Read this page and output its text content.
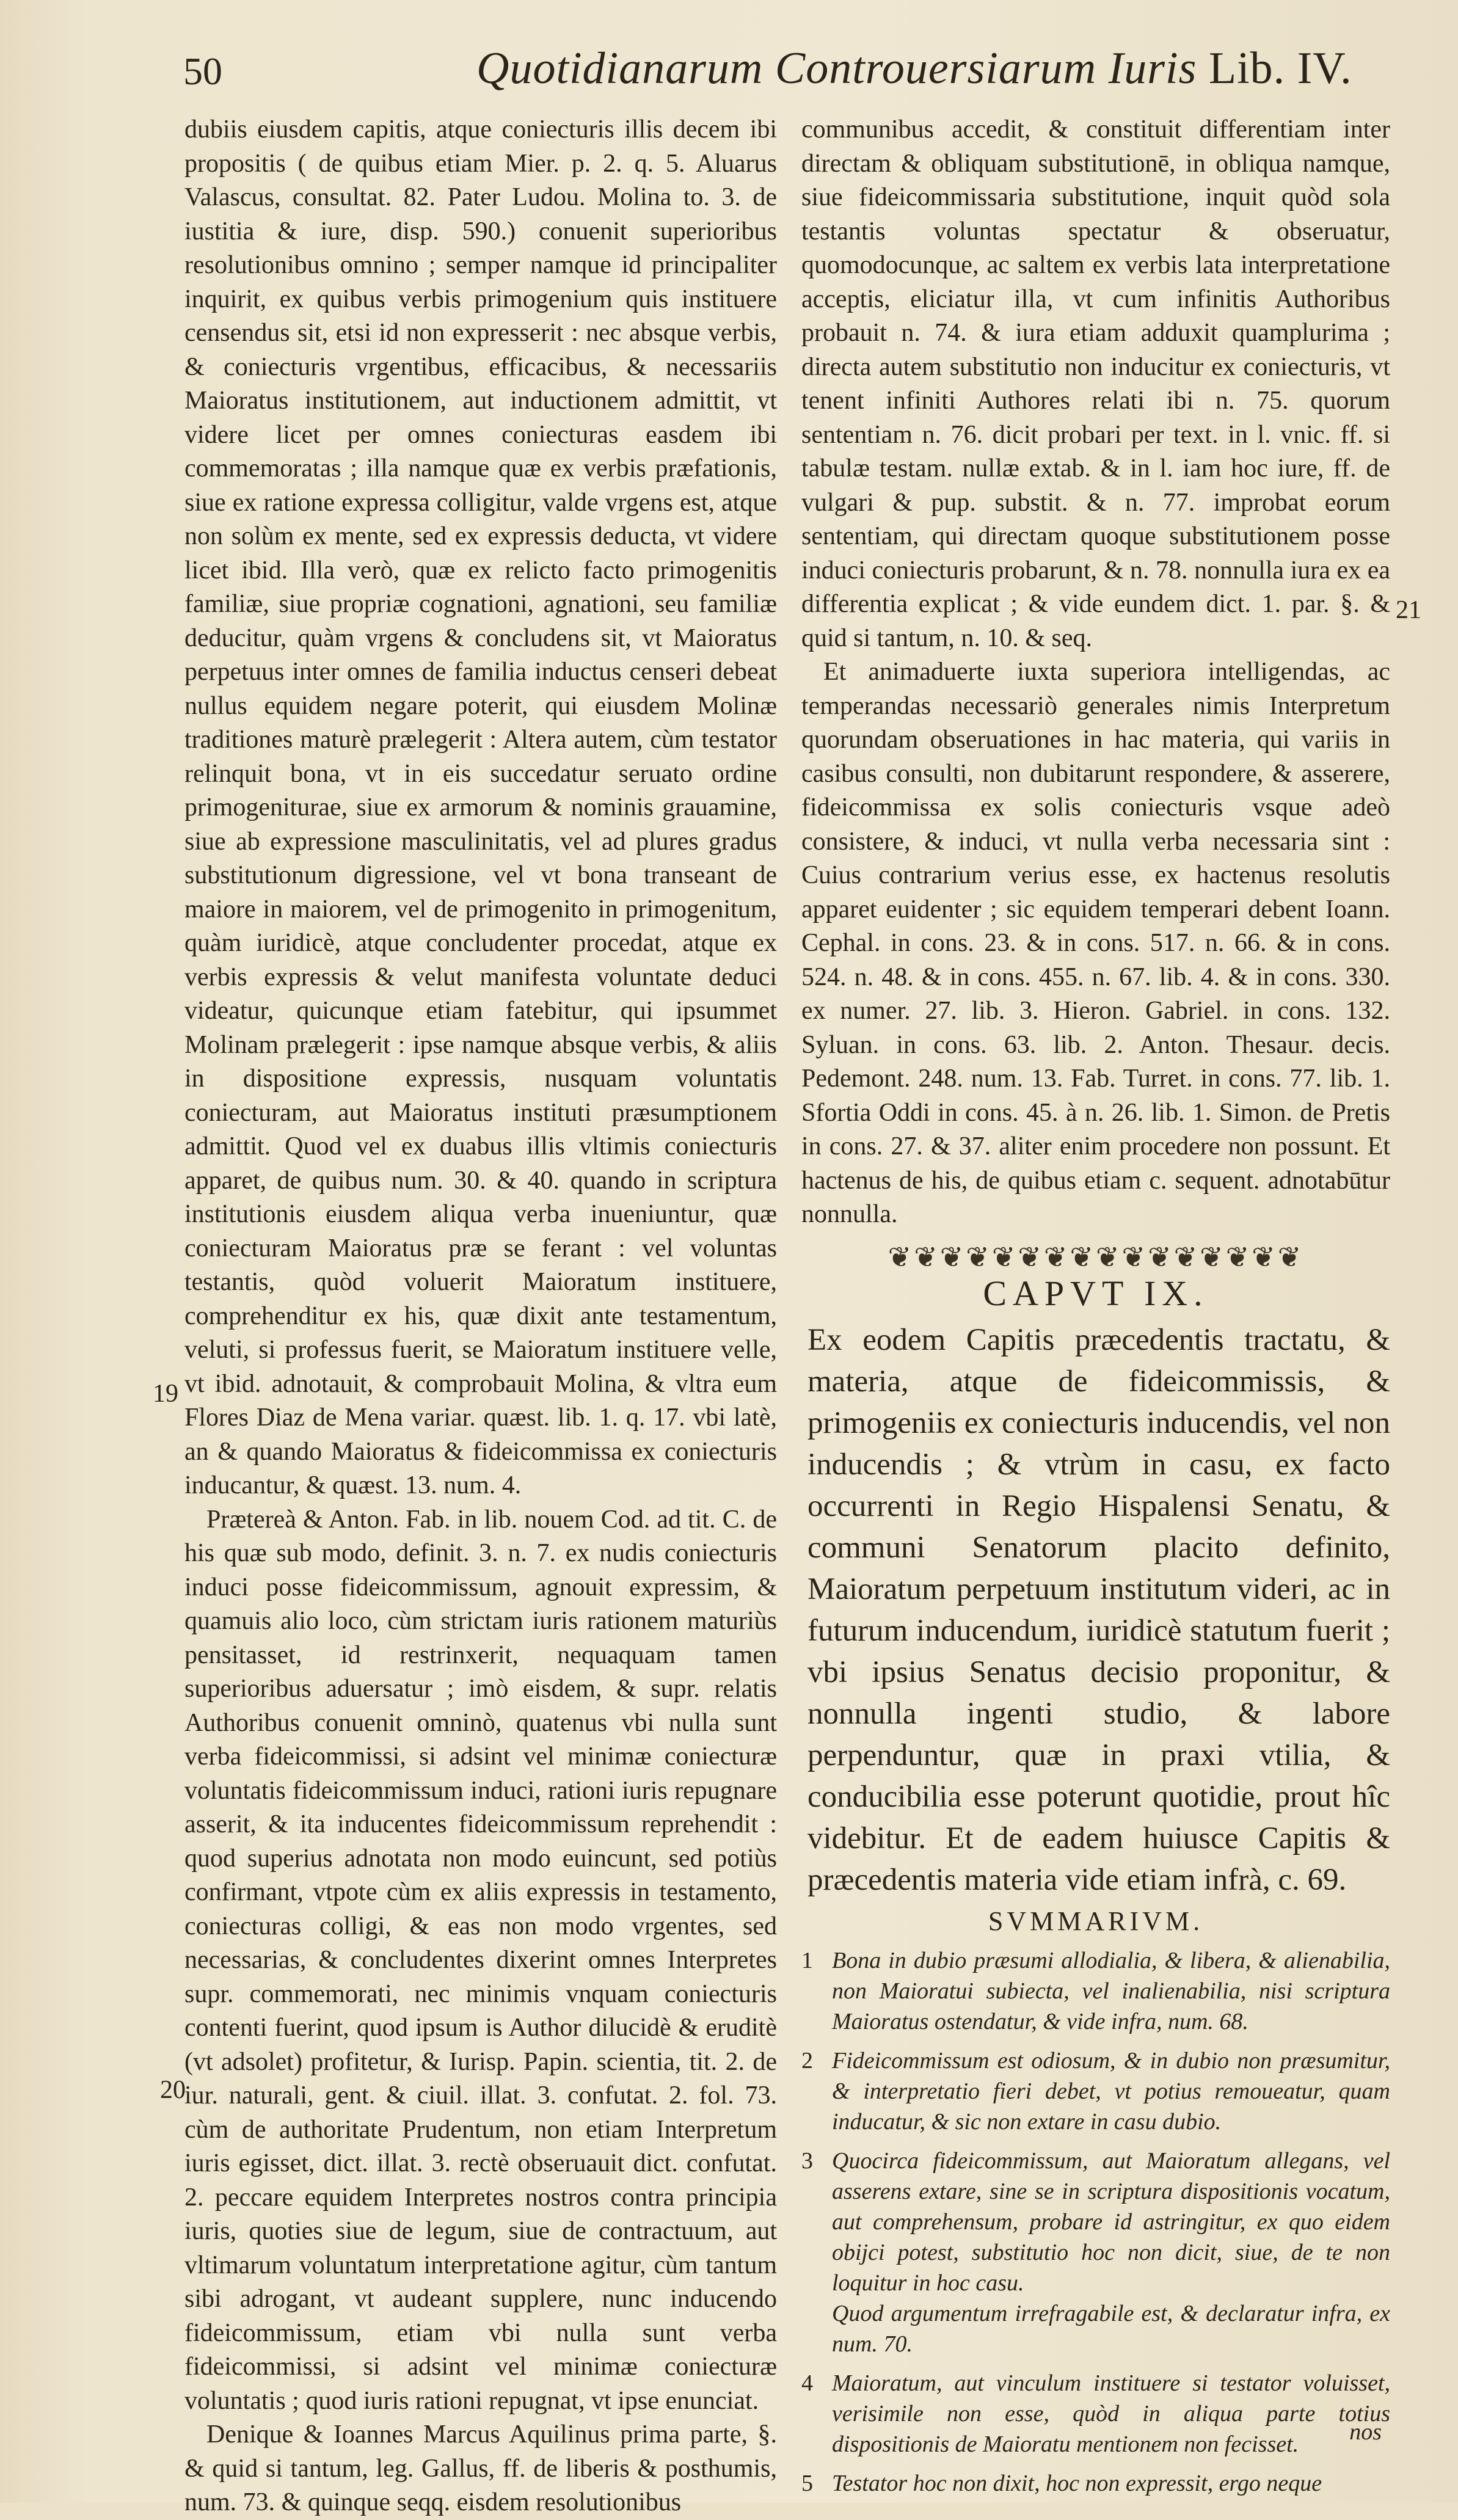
50	Quotidianarum Controuersiarum Iuris Lib. IV.
19
20
21

dubiis eiusdem capitis, atque coniecturis illis decem ibi propositis ( de quibus etiam Mier. p. 2. q. 5. Aluarus Valascus, consultat. 82. Pater Ludou. Molina to. 3. de iustitia & iure, disp. 590.) conuenit superioribus resolutionibus omnino ; semper namque id principaliter inquirit, ex quibus verbis primogenium quis instituere censendus sit, etsi id non expresserit : nec absque verbis, & coniecturis vrgentibus, efficacibus, & necessariis Maioratus institutionem, aut inductionem admittit, vt videre licet per omnes coniecturas easdem ibi commemoratas ; illa namque quæ ex verbis præfationis, siue ex ratione expressa colligitur, valde vrgens est, atque non solùm ex mente, sed ex expressis deducta, vt videre licet ibid. Illa verò, quæ ex relicto facto primogenitis familiæ, siue propriæ cognationi, agnationi, seu familiæ deducitur, quàm vrgens & concludens sit, vt Maioratus perpetuus inter omnes de familia inductus censeri debeat nullus equidem negare poterit, qui eiusdem Molinæ traditiones maturè prælegerit : Altera autem, cùm testator relinquit bona, vt in eis succedatur seruato ordine primogeniturae, siue ex armorum & nominis grauamine, siue ab expressione masculinitatis, vel ad plures gradus substitutionum digressione, vel vt bona transeant de maiore in maiorem, vel de primogenito in primogenitum, quàm iuridicè, atque concludenter procedat, atque ex verbis expressis & velut manifesta voluntate deduci videatur, quicunque etiam fatebitur, qui ipsummet Molinam prælegerit : ipse namque absque verbis, & aliis in dispositione expressis, nusquam voluntatis coniecturam, aut Maioratus instituti præsumptionem admittit. Quod vel ex duabus illis vltimis coniecturis apparet, de quibus num. 30. & 40. quando in scriptura institutionis eiusdem aliqua verba inueniuntur, quæ coniecturam Maioratus præ se ferant : vel voluntas testantis, quòd voluerit Maioratum instituere, comprehenditur ex his, quæ dixit ante testamentum, veluti, si professus fuerit, se Maioratum instituere velle, vt ibid. adnotauit, & comprobauit Molina, & vltra eum Flores Diaz de Mena variar. quæst. lib. 1. q. 17. vbi latè, an & quando Maioratus & fideicommissa ex coniecturis inducantur, & quæst. 13. num. 4.

Prætereà & Anton. Fab. in lib. nouem Cod. ad tit. C. de his quæ sub modo, definit. 3. n. 7. ex nudis coniecturis induci posse fideicommissum, agnouit expressim, & quamuis alio loco, cùm strictam iuris rationem maturiùs pensitasset, id restrinxerit, nequaquam tamen superioribus aduersatur ; imò eisdem, & supr. relatis Authoribus conuenit omninò, quatenus vbi nulla sunt verba fideicommissi, si adsint vel minimæ coniecturæ voluntatis fideicommissum induci, rationi iuris repugnare asserit, & ita inducentes fideicommissum reprehendit : quod superius adnotata non modo euincunt, sed potiùs confirmant, vtpote cùm ex aliis expressis in testamento, coniecturas colligi, & eas non modo vrgentes, sed necessarias, & concludentes dixerint omnes Interpretes supr. commemorati, nec minimis vnquam coniecturis contenti fuerint, quod ipsum is Author dilucidè & eruditè (vt adsolet) profitetur, & Iurisp. Papin. scientia, tit. 2. de iur. naturali, gent. & ciuil. illat. 3. confutat. 2. fol. 73. cùm de authoritate Prudentum, non etiam Interpretum iuris egisset, dict. illat. 3. rectè obseruauit dict. confutat. 2. peccare equidem Interpretes nostros contra principia iuris, quoties siue de legum, siue de contractuum, aut vltimarum voluntatum interpretatione agitur, cùm tantum sibi adrogant, vt audeant supplere, nunc inducendo fideicommissum, etiam vbi nulla sunt verba fideicommissi, si adsint vel minimæ coniecturæ voluntatis ; quod iuris rationi repugnat, vt ipse enunciat.

Denique & Ioannes Marcus Aquilinus prima parte, §. & quid si tantum, leg. Gallus, ff. de liberis & posthumis, num. 73. & quinque seqq. eisdem resolutionibus

communibus accedit, & constituit differentiam inter directam & obliquam substitutionē, in obliqua namque, siue fideicommissaria substitutione, inquit quòd sola testantis voluntas spectatur & obseruatur, quomodocunque, ac saltem ex verbis lata interpretatione acceptis, eliciatur illa, vt cum infinitis Authoribus probauit n. 74. & iura etiam adduxit quamplurima ; directa autem substitutio non inducitur ex coniecturis, vt tenent infiniti Authores relati ibi n. 75. quorum sententiam n. 76. dicit probari per text. in l. vnic. ff. si tabulæ testam. nullæ extab. & in l. iam hoc iure, ff. de vulgari & pup. substit. & n. 77. improbat eorum sententiam, qui directam quoque substitutionem posse induci coniecturis probarunt, & n. 78. nonnulla iura ex ea differentia explicat ; & vide eundem dict. 1. par. §. & quid si tantum, n. 10. & seq.

Et animaduerte iuxta superiora intelligendas, ac temperandas necessariò generales nimis Interpretum quorundam obseruationes in hac materia, qui variis in casibus consulti, non dubitarunt respondere, & asserere, fideicommissa ex solis coniecturis vsque adeò consistere, & induci, vt nulla verba necessaria sint : Cuius contrarium verius esse, ex hactenus resolutis apparet euidenter ; sic equidem temperari debent Ioann. Cephal. in cons. 23. & in cons. 517. n. 66. & in cons. 524. n. 48. & in cons. 455. n. 67. lib. 4. & in cons. 330. ex numer. 27. lib. 3. Hieron. Gabriel. in cons. 132. Syluan. in cons. 63. lib. 2. Anton. Thesaur. decis. Pedemont. 248. num. 13. Fab. Turret. in cons. 77. lib. 1. Sfortia Oddi in cons. 45. à n. 26. lib. 1. Simon. de Pretis in cons. 27. & 37. aliter enim procedere non possunt. Et hactenus de his, de quibus etiam c. sequent. adnotabūtur nonnulla.

❦❦❦❦❦❦❦❦❦❦❦❦❦❦❦❦
CAPVT IX.

Ex eodem Capitis præcedentis tractatu, & materia, atque de fideicommissis, & primogeniis ex coniecturis inducendis, vel non inducendis ; & vtrùm in casu, ex facto occurrenti in Regio Hispalensi Senatu, & communi Senatorum placito definito, Maioratum perpetuum institutum videri, ac in futurum inducendum, iuridicè statutum fuerit ; vbi ipsius Senatus decisio proponitur, & nonnulla ingenti studio, & labore perpenduntur, quæ in praxi vtilia, & conducibilia esse poterunt quotidie, prout hîc videbitur. Et de eadem huiusce Capitis & præcedentis materia vide etiam infrà, c. 69.

SVMMARIVM.
1 Bona in dubio præsumi allodialia, & libera, & alienabilia, non Maioratui subiecta, vel inalienabilia, nisi scriptura Maioratus ostendatur, & vide infra, num. 68.
2 Fideicommissum est odiosum, & in dubio non præsumitur, & interpretatio fieri debet, vt potius remoueatur, quam inducatur, & sic non extare in casu dubio.
3 Quocirca fideicommissum, aut Maioratum allegans, vel asserens extare, sine se in scriptura dispositionis vocatum, aut comprehensum, probare id astringitur, ex quo eidem obijci potest, substitutio hoc non dicit, siue, de te non loquitur in hoc casu.
Quod argumentum irrefragabile est, & declaratur infra, ex num. 70.
4 Maioratum, aut vinculum instituere si testator voluisset, verisimile non esse, quòd in aliqua parte totius dispositionis de Maioratu mentionem non fecisset.
5 Testator hoc non dixit, hoc non expressit, ergo neque
nos
